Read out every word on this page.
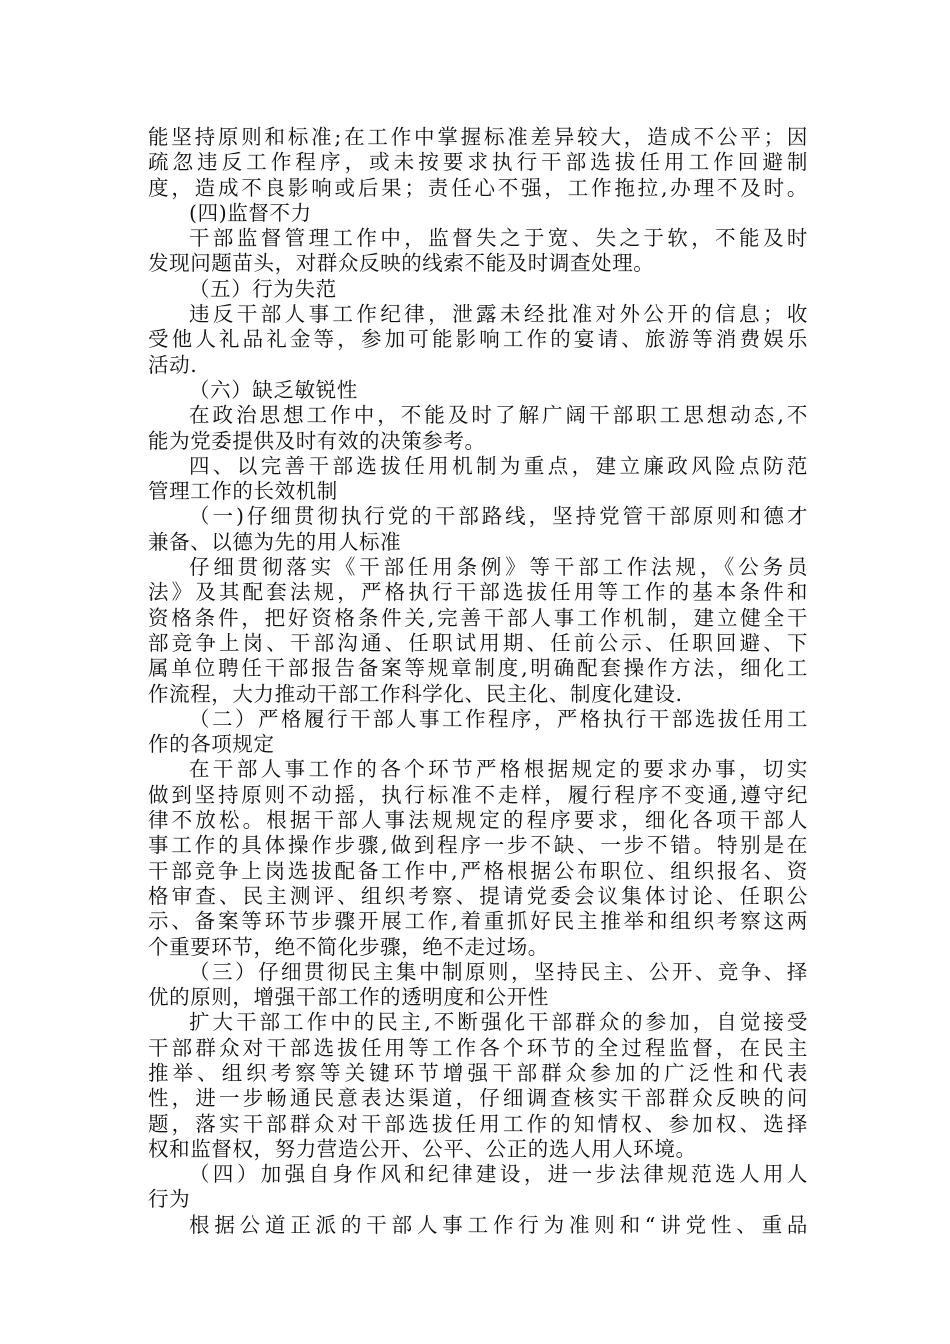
能坚持原则和标准;在工作中掌握标准差异较大，造成不公平；因
疏忽违反工作程序，或未按要求执行干部选拔任用工作回避制
度，造成不良影响或后果；责任心不强，工作拖拉,办理不及时。
(四)监督不力
干部监督管理工作中，监督失之于宽、失之于软，不能及时
发现问题苗头，对群众反映的线索不能及时调查处理。
（五）行为失范
违反干部人事工作纪律，泄露未经批准对外公开的信息；收
受他人礼品礼金等，参加可能影响工作的宴请、旅游等消费娱乐
活动.
（六）缺乏敏锐性
在政治思想工作中，不能及时了解广阔干部职工思想动态,不
能为党委提供及时有效的决策参考。
四、以完善干部选拔任用机制为重点，建立廉政风险点防范
管理工作的长效机制
（一)仔细贯彻执行党的干部路线，坚持党管干部原则和德才
兼备、以德为先的用人标准
仔细贯彻落实《干部任用条例》等干部工作法规，《公务员
法》及其配套法规，严格执行干部选拔任用等工作的基本条件和
资格条件，把好资格条件关,完善干部人事工作机制，建立健全干
部竞争上岗、干部沟通、任职试用期、任前公示、任职回避、下
属单位聘任干部报告备案等规章制度,明确配套操作方法，细化工
作流程，大力推动干部工作科学化、民主化、制度化建设.
（二）严格履行干部人事工作程序，严格执行干部选拔任用工
作的各项规定
在干部人事工作的各个环节严格根据规定的要求办事，切实
做到坚持原则不动摇，执行标准不走样，履行程序不变通,遵守纪
律不放松。根据干部人事法规规定的程序要求，细化各项干部人
事工作的具体操作步骤,做到程序一步不缺、一步不错。特别是在
干部竞争上岗选拔配备工作中,严格根据公布职位、组织报名、资
格审查、民主测评、组织考察、提请党委会议集体讨论、任职公
示、备案等环节步骤开展工作,着重抓好民主推举和组织考察这两
个重要环节，绝不简化步骤，绝不走过场。
（三）仔细贯彻民主集中制原则，坚持民主、公开、竞争、择
优的原则，增强干部工作的透明度和公开性
扩大干部工作中的民主,不断强化干部群众的参加，自觉接受
干部群众对干部选拔任用等工作各个环节的全过程监督，在民主
推举、组织考察等关键环节增强干部群众参加的广泛性和代表
性，进一步畅通民意表达渠道，仔细调查核实干部群众反映的问
题，落实干部群众对干部选拔任用工作的知情权、参加权、选择
权和监督权，努力营造公开、公平、公正的选人用人环境。
（四）加强自身作风和纪律建设，进一步法律规范选人用人
行为
根据公道正派的干部人事工作行为准则和“讲党性、重品
